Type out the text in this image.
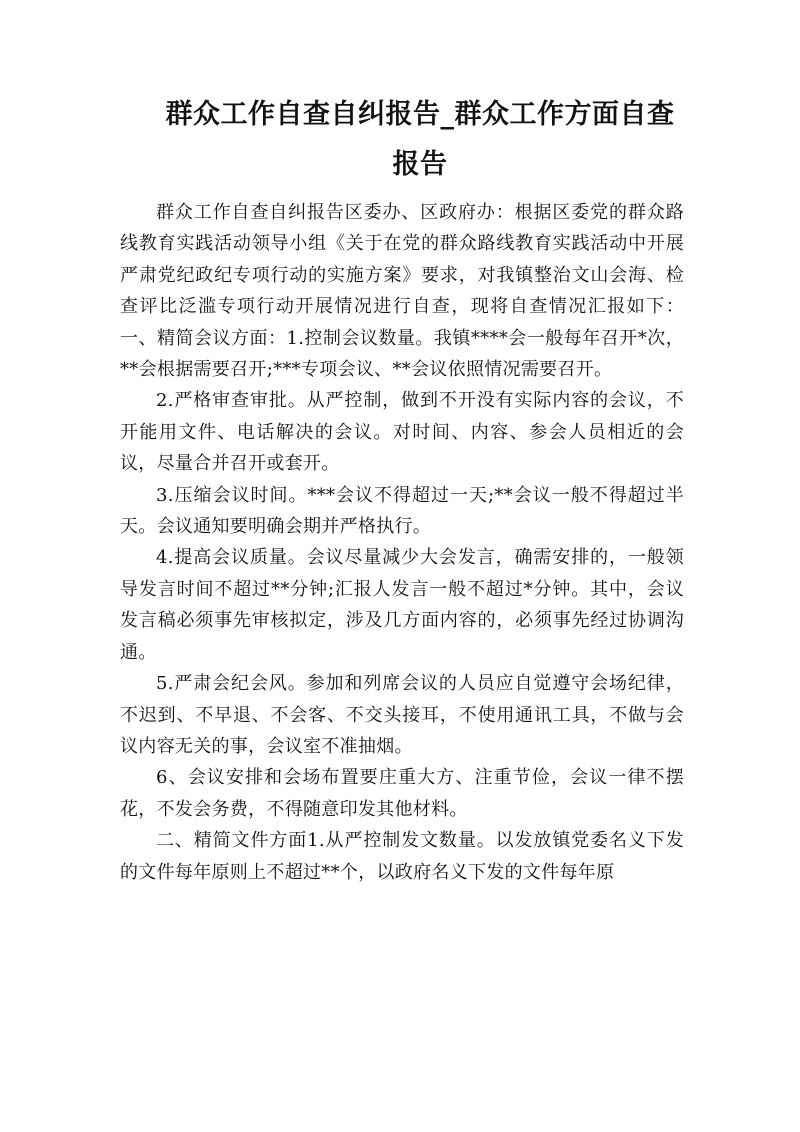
群众工作自查自纠报告_群众工作方面自查
报告

群众工作自查自纠报告区委办、区政府办：根据区委党的群众路线教育实践活动领导小组《关于在党的群众路线教育实践活动中开展严肃党纪政纪专项行动的实施方案》要求，对我镇整治文山会海、检查评比泛滥专项行动开展情况进行自查，现将自查情况汇报如下：一、精简会议方面：1.控制会议数量。我镇****会一般每年召开*次，**会根据需要召开;***专项会议、**会议依照情况需要召开。

2.严格审查审批。从严控制，做到不开没有实际内容的会议，不开能用文件、电话解决的会议。对时间、内容、参会人员相近的会议，尽量合并召开或套开。

3.压缩会议时间。***会议不得超过一天;**会议一般不得超过半天。会议通知要明确会期并严格执行。

4.提高会议质量。会议尽量减少大会发言，确需安排的，一般领导发言时间不超过**分钟;汇报人发言一般不超过*分钟。其中，会议发言稿必须事先审核拟定，涉及几方面内容的，必须事先经过协调沟通。

5.严肃会纪会风。参加和列席会议的人员应自觉遵守会场纪律，不迟到、不早退、不会客、不交头接耳，不使用通讯工具，不做与会议内容无关的事，会议室不准抽烟。

6、会议安排和会场布置要庄重大方、注重节俭，会议一律不摆花，不发会务费，不得随意印发其他材料。

二、精简文件方面1.从严控制发文数量。以发放镇党委名义下发的文件每年原则上不超过**个，以政府名义下发的文件每年原
